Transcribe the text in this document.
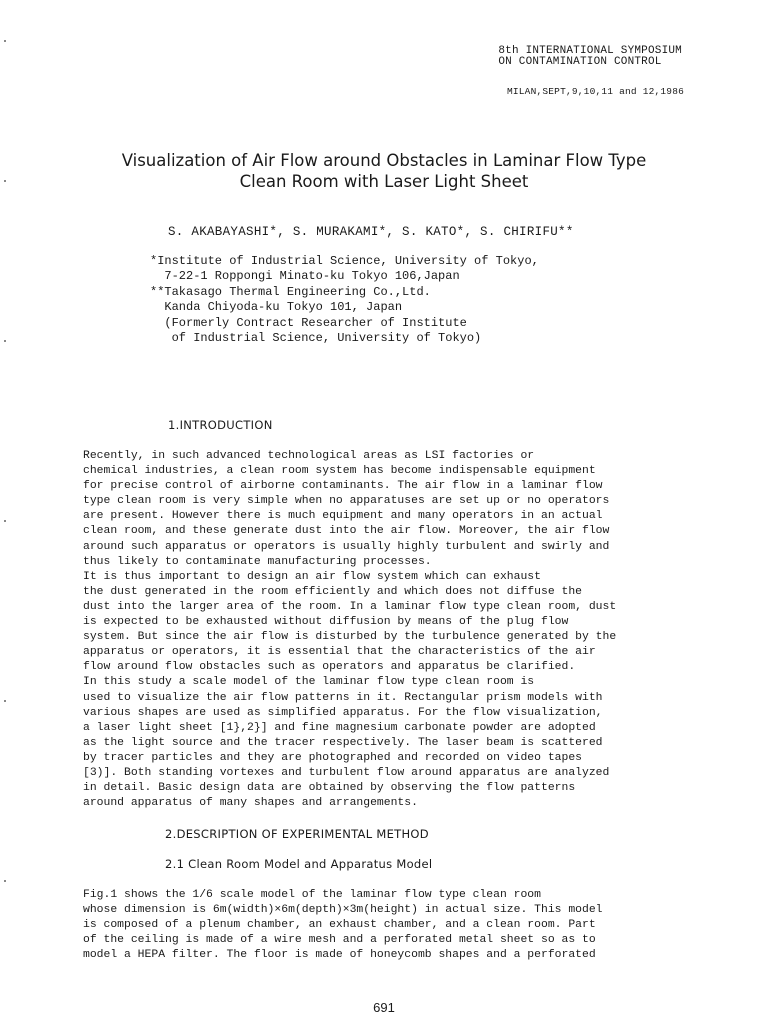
8th INTERNATIONAL SYMPOSIUM
ON CONTAMINATION CONTROL
MILAN,SEPT,9,10,11 and 12,1986
Visualization of Air Flow around Obstacles in Laminar Flow Type
Clean Room with Laser Light Sheet
S. AKABAYASHI*, S. MURAKAMI*, S. KATO*, S. CHIRIFU**
*Institute of Industrial Science, University of Tokyo,
7-22-1 Roppongi Minato-ku Tokyo 106,Japan
**Takasago Thermal Engineering Co.,Ltd.
Kanda Chiyoda-ku Tokyo 101, Japan
(Formerly Contract Researcher of Institute
of Industrial Science, University of Tokyo)
1.INTRODUCTION
Recently, in such advanced technological areas as LSI factories or
chemical industries, a clean room system has become indispensable equipment
for precise control of airborne contaminants. The air flow in a laminar flow
type clean room is very simple when no apparatuses are set up or no operators
are present. However there is much equipment and many operators in an actual
clean room, and these generate dust into the air flow. Moreover, the air flow
around such apparatus or operators is usually highly turbulent and swirly and
thus likely to contaminate manufacturing processes.
It is thus important to design an air flow system which can exhaust
the dust generated in the room efficiently and which does not diffuse the
dust into the larger area of the room. In a laminar flow type clean room, dust
is expected to be exhausted without diffusion by means of the plug flow
system. But since the air flow is disturbed by the turbulence generated by the
apparatus or operators, it is essential that the characteristics of the air
flow around flow obstacles such as operators and apparatus be clarified.
In this study a scale model of the laminar flow type clean room is
used to visualize the air flow patterns in it. Rectangular prism models with
various shapes are used as simplified apparatus. For the flow visualization,
a laser light sheet [1},2}] and fine magnesium carbonate powder are adopted
as the light source and the tracer respectively. The laser beam is scattered
by tracer particles and they are photographed and recorded on video tapes
[3)]. Both standing vortexes and turbulent flow around apparatus are analyzed
in detail. Basic design data are obtained by observing the flow patterns
around apparatus of many shapes and arrangements.
2.DESCRIPTION OF EXPERIMENTAL METHOD
2.1 Clean Room Model and Apparatus Model
Fig.1 shows the 1/6 scale model of the laminar flow type clean room
whose dimension is 6m(width)×6m(depth)×3m(height) in actual size. This model
is composed of a plenum chamber, an exhaust chamber, and a clean room. Part
of the ceiling is made of a wire mesh and a perforated metal sheet so as to
model a HEPA filter. The floor is made of honeycomb shapes and a perforated
691
